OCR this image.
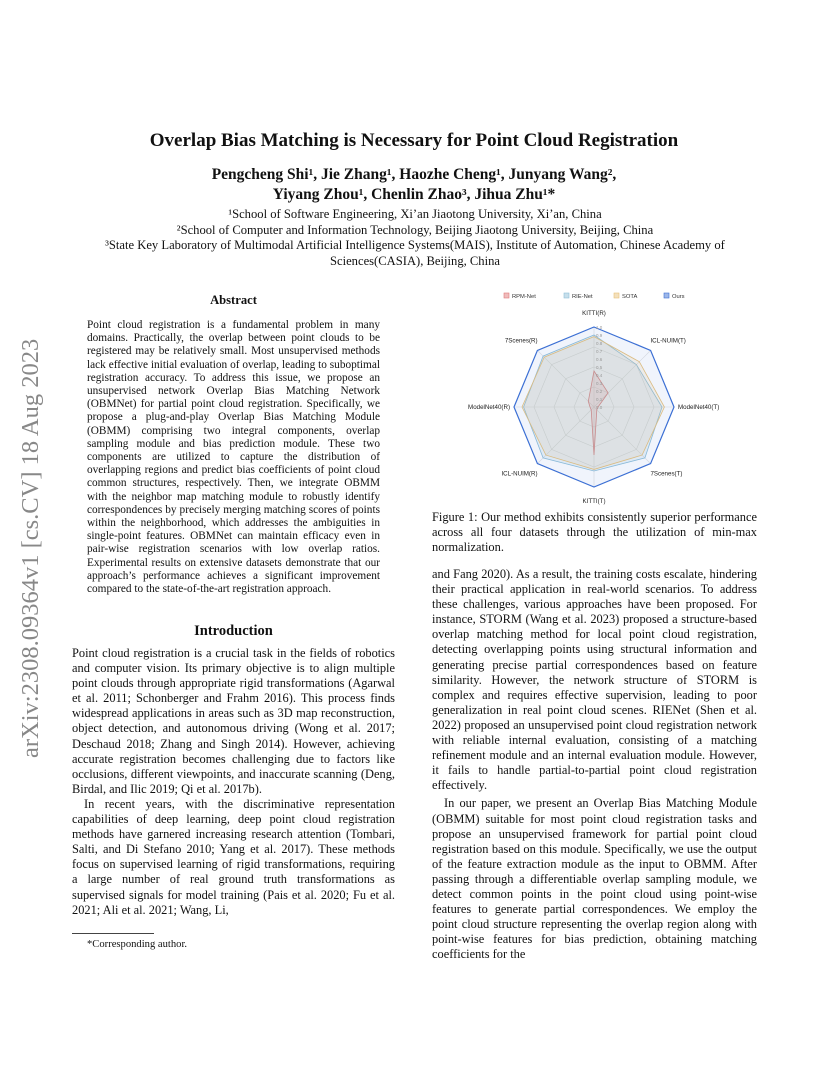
arXiv:2308.09364v1 [cs.CV] 18 Aug 2023
Overlap Bias Matching is Necessary for Point Cloud Registration
Pengcheng Shi¹, Jie Zhang¹, Haozhe Cheng¹, Junyang Wang²,
Yiyang Zhou¹, Chenlin Zhao³, Jihua Zhu¹*
¹School of Software Engineering, Xi’an Jiaotong University, Xi’an, China
²School of Computer and Information Technology, Beijing Jiaotong University, Beijing, China
³State Key Laboratory of Multimodal Artificial Intelligence Systems(MAIS), Institute of Automation, Chinese Academy of Sciences(CASIA), Beijing, China
Abstract
Point cloud registration is a fundamental problem in many domains. Practically, the overlap between point clouds to be registered may be relatively small. Most unsupervised methods lack effective initial evaluation of overlap, leading to suboptimal registration accuracy. To address this issue, we propose an unsupervised network Overlap Bias Matching Network (OBMNet) for partial point cloud registration. Specifically, we propose a plug-and-play Overlap Bias Matching Module (OBMM) comprising two integral components, overlap sampling module and bias prediction module. These two components are utilized to capture the distribution of overlapping regions and predict bias coefficients of point cloud common structures, respectively. Then, we integrate OBMM with the neighbor map matching module to robustly identify correspondences by precisely merging matching scores of points within the neighborhood, which addresses the ambiguities in single-point features. OBMNet can maintain efficacy even in pair-wise registration scenarios with low overlap ratios. Experimental results on extensive datasets demonstrate that our approach’s performance achieves a significant improvement compared to the state-of-the-art registration approach.
Introduction

Point cloud registration is a crucial task in the fields of robotics and computer vision. Its primary objective is to align multiple point clouds through appropriate rigid transformations (Agarwal et al. 2011; Schonberger and Frahm 2016). This process finds widespread applications in areas such as 3D map reconstruction, object detection, and autonomous driving (Wong et al. 2017; Deschaud 2018; Zhang and Singh 2014). However, achieving accurate registration becomes challenging due to factors like occlusions, different viewpoints, and inaccurate scanning (Deng, Birdal, and Ilic 2019; Qi et al. 2017b).

In recent years, with the discriminative representation capabilities of deep learning, deep point cloud registration methods have garnered increasing research attention (Tombari, Salti, and Di Stefano 2010; Yang et al. 2017). These methods focus on supervised learning of rigid transformations, requiring a large number of real ground truth transformations as supervised signals for model training (Pais et al. 2020; Fu et al. 2021; Ali et al. 2021; Wang, Li,

*Corresponding author.
1.0
0.9
0.8
0.7
0.6
0.5
0.4
0.3
0.2
0.1
0.0
KITTI(R)
ICL-NUIM(T)
ModelNet40(T)
7Scenes(T)
KITTI(T)
ICL-NUIM(R)
ModelNet40(R)
7Scenes(R)
RPM-Net	RIE-Net	SOTA	Ours
Figure 1: Our method exhibits consistently superior performance across all four datasets through the utilization of min-max normalization.

and Fang 2020). As a result, the training costs escalate, hindering their practical application in real-world scenarios. To address these challenges, various approaches have been proposed. For instance, STORM (Wang et al. 2023) proposed a structure-based overlap matching method for local point cloud registration, detecting overlapping points using structural information and generating precise partial correspondences based on feature similarity. However, the network structure of STORM is complex and requires effective supervision, leading to poor generalization in real point cloud scenes. RIENet (Shen et al. 2022) proposed an unsupervised point cloud registration network with reliable internal evaluation, consisting of a matching refinement module and an internal evaluation module. However, it fails to handle partial-to-partial point cloud registration effectively.

In our paper, we present an Overlap Bias Matching Module (OBMM) suitable for most point cloud registration tasks and propose an unsupervised framework for partial point cloud registration based on this module. Specifically, we use the output of the feature extraction module as the input to OBMM. After passing through a differentiable overlap sampling module, we detect common points in the point cloud using point-wise features to generate partial correspondences. We employ the point cloud structure representing the overlap region along with point-wise features for bias prediction, obtaining matching coefficients for the
